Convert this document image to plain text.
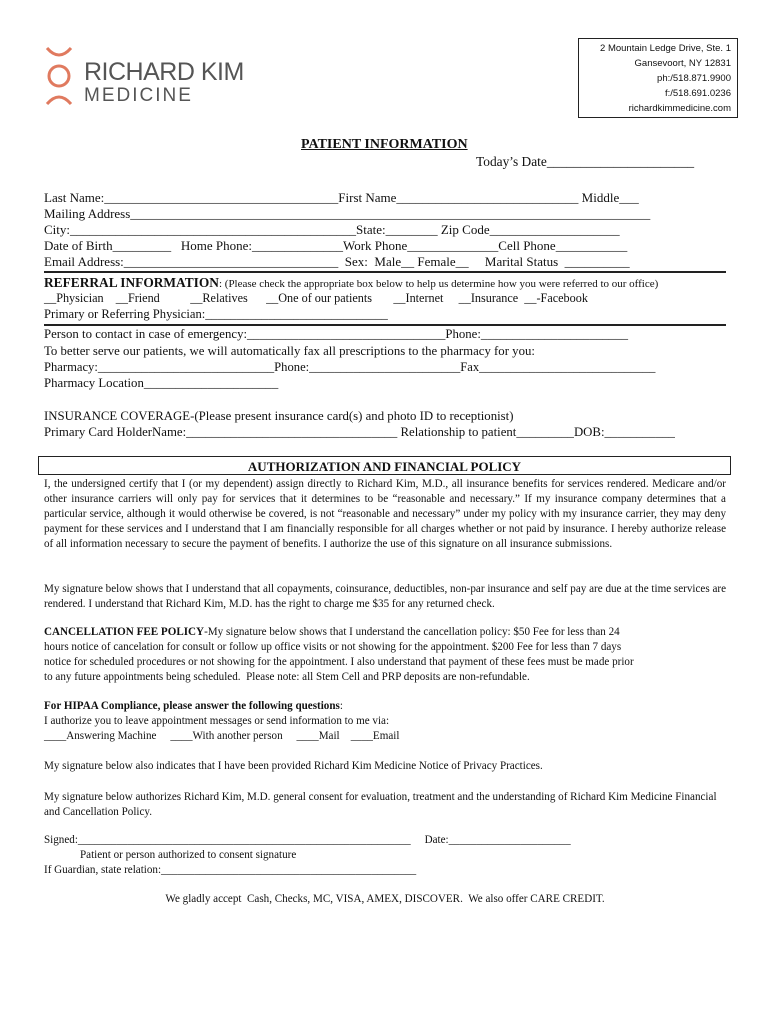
RICHARD KIM
MEDICINE
2 Mountain Ledge Drive, Ste. 1
Gansevoort, NY 12831
ph:/518.871.9900
f:/518.691.0236
richardkimmedicine.com
PATIENT INFORMATION
Today’s Date______________________
Last Name:____________________________________First Name____________________________ Middle___
Mailing Address________________________________________________________________________________
City:____________________________________________State:________ Zip Code____________________
Date of Birth_________   Home Phone:______________Work Phone______________Cell Phone___________
Email Address:_________________________________  Sex:  Male__ Female__     Marital Status  __________
REFERRAL INFORMATION: (Please check the appropriate box below to help us determine how you were referred to our office)
__Physician    __Friend          __Relatives      __One of our patients       __Internet     __Insurance  __-Facebook
Primary or Referring Physician:_____________________________
Person to contact in case of emergency:_______________________________Phone:_______________________
To better serve our patients, we will automatically fax all prescriptions to the pharmacy for you:
Pharmacy:____________________________Phone:________________________Fax____________________________
Pharmacy Location_____________________
INSURANCE COVERAGE-(Please present insurance card(s) and photo ID to receptionist)
Primary Card HolderName:_________________________________ Relationship to patient_________DOB:___________
AUTHORIZATION AND FINANCIAL POLICY
I, the undersigned certify that I (or my dependent) assign directly to Richard Kim, M.D., all insurance benefits for services rendered. Medicare and/or other insurance carriers will only pay for services that it determines to be “reasonable and necessary.” If my insurance company determines that a particular service, although it would otherwise be covered, is not “reasonable and necessary” under my policy with my insurance carrier, they may deny payment for these services and I understand that I am financially responsible for all charges whether or not paid by insurance. I hereby authorize release of all information necessary to secure the payment of benefits. I authorize the use of this signature on all insurance submissions.
My signature below shows that I understand that all copayments, coinsurance, deductibles, non-par insurance and self pay are due at the time services are rendered. I understand that Richard Kim, M.D. has the right to charge me $35 for any returned check.
CANCELLATION FEE POLICY-My signature below shows that I understand the cancellation policy: $50 Fee for less than 24
hours notice of cancelation for consult or follow up office visits or not showing for the appointment. $200 Fee for less than 7 days
notice for scheduled procedures or not showing for the appointment. I also understand that payment of these fees must be made prior
to any future appointments being scheduled.  Please note: all Stem Cell and PRP deposits are non-refundable.
For HIPAA Compliance, please answer the following questions:
I authorize you to leave appointment messages or send information to me via:
____Answering Machine     ____With another person     ____Mail    ____Email
My signature below also indicates that I have been provided Richard Kim Medicine Notice of Privacy Practices.
My signature below authorizes Richard Kim, M.D. general consent for evaluation, treatment and the understanding of Richard Kim Medicine Financial and Cancellation Policy.
Signed:____________________________________________________________     Date:______________________
Patient or person authorized to consent signature
If Guardian, state relation:______________________________________________
We gladly accept  Cash, Checks, MC, VISA, AMEX, DISCOVER.  We also offer CARE CREDIT.
